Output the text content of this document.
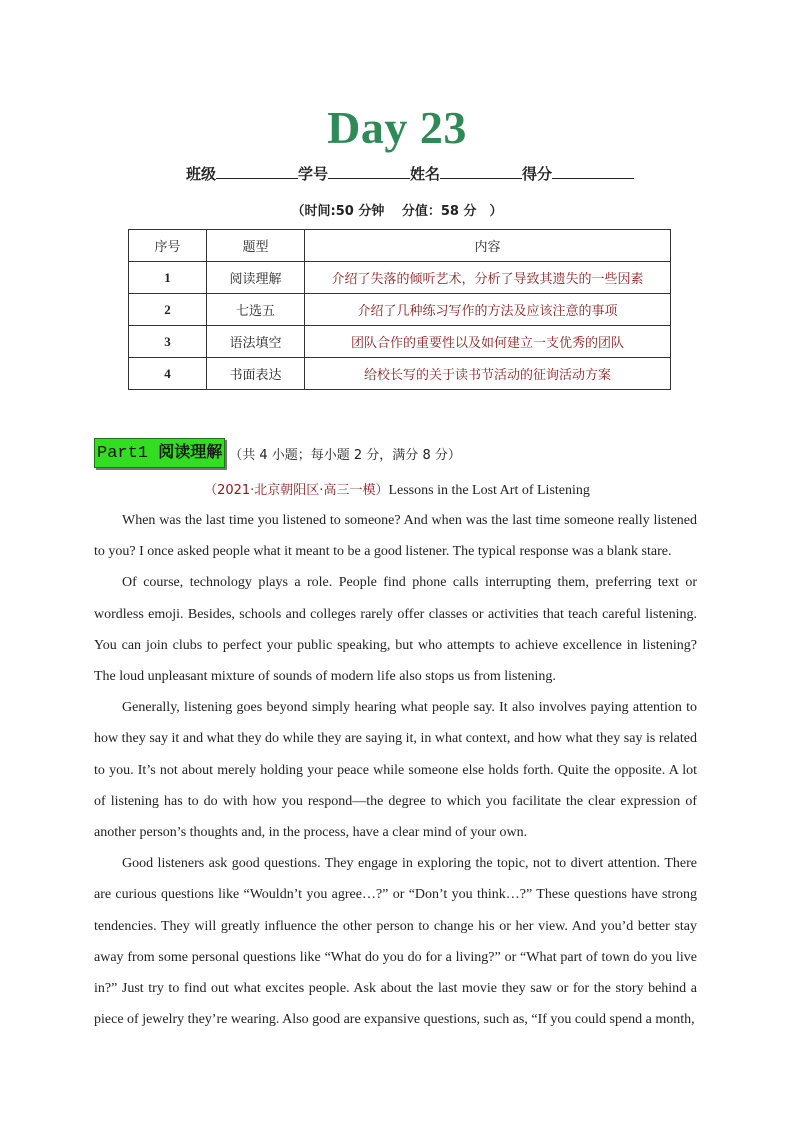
Day 23
班级	学号	姓名	得分
（时间:50 分钟　 分值：58 分　）
序号	题型	内容
1	阅读理解	介绍了失落的倾听艺术，分析了导致其遗失的一些因素
2	七选五	介绍了几种练习写作的方法及应该注意的事项
3	语法填空	团队合作的重要性以及如何建立一支优秀的团队
4	书面表达	给校长写的关于读书节活动的征询活动方案
Part1 阅读理解 （共 4 小题；每小题 2 分，满分 8 分）
（2021·北京朝阳区·高三一模）Lessons in the Lost Art of Listening

When was the last time you listened to someone? And when was the last time someone really listened to you? I once asked people what it meant to be a good listener. The typical response was a blank stare.

Of course, technology plays a role. People find phone calls interrupting them, preferring text or wordless emoji. Besides, schools and colleges rarely offer classes or activities that teach careful listening. You can join clubs to perfect your public speaking, but who attempts to achieve excellence in listening? The loud unpleasant mixture of sounds of modern life also stops us from listening.

Generally, listening goes beyond simply hearing what people say. It also involves paying attention to how they say it and what they do while they are saying it, in what context, and how what they say is related to you. It’s not about merely holding your peace while someone else holds forth. Quite the opposite. A lot of listening has to do with how you respond—the degree to which you facilitate the clear expression of another person’s thoughts and, in the process, have a clear mind of your own.

Good listeners ask good questions. They engage in exploring the topic, not to divert attention. There are curious questions like “Wouldn’t you agree…?” or “Don’t you think…?” These questions have strong tendencies. They will greatly influence the other person to change his or her view. And you’d better stay away from some personal questions like “What do you do for a living?” or “What part of town do you live in?” Just try to find out what excites people. Ask about the last movie they saw or for the story behind a piece of jewelry they’re wearing. Also good are expansive questions, such as, “If you could spend a month,
